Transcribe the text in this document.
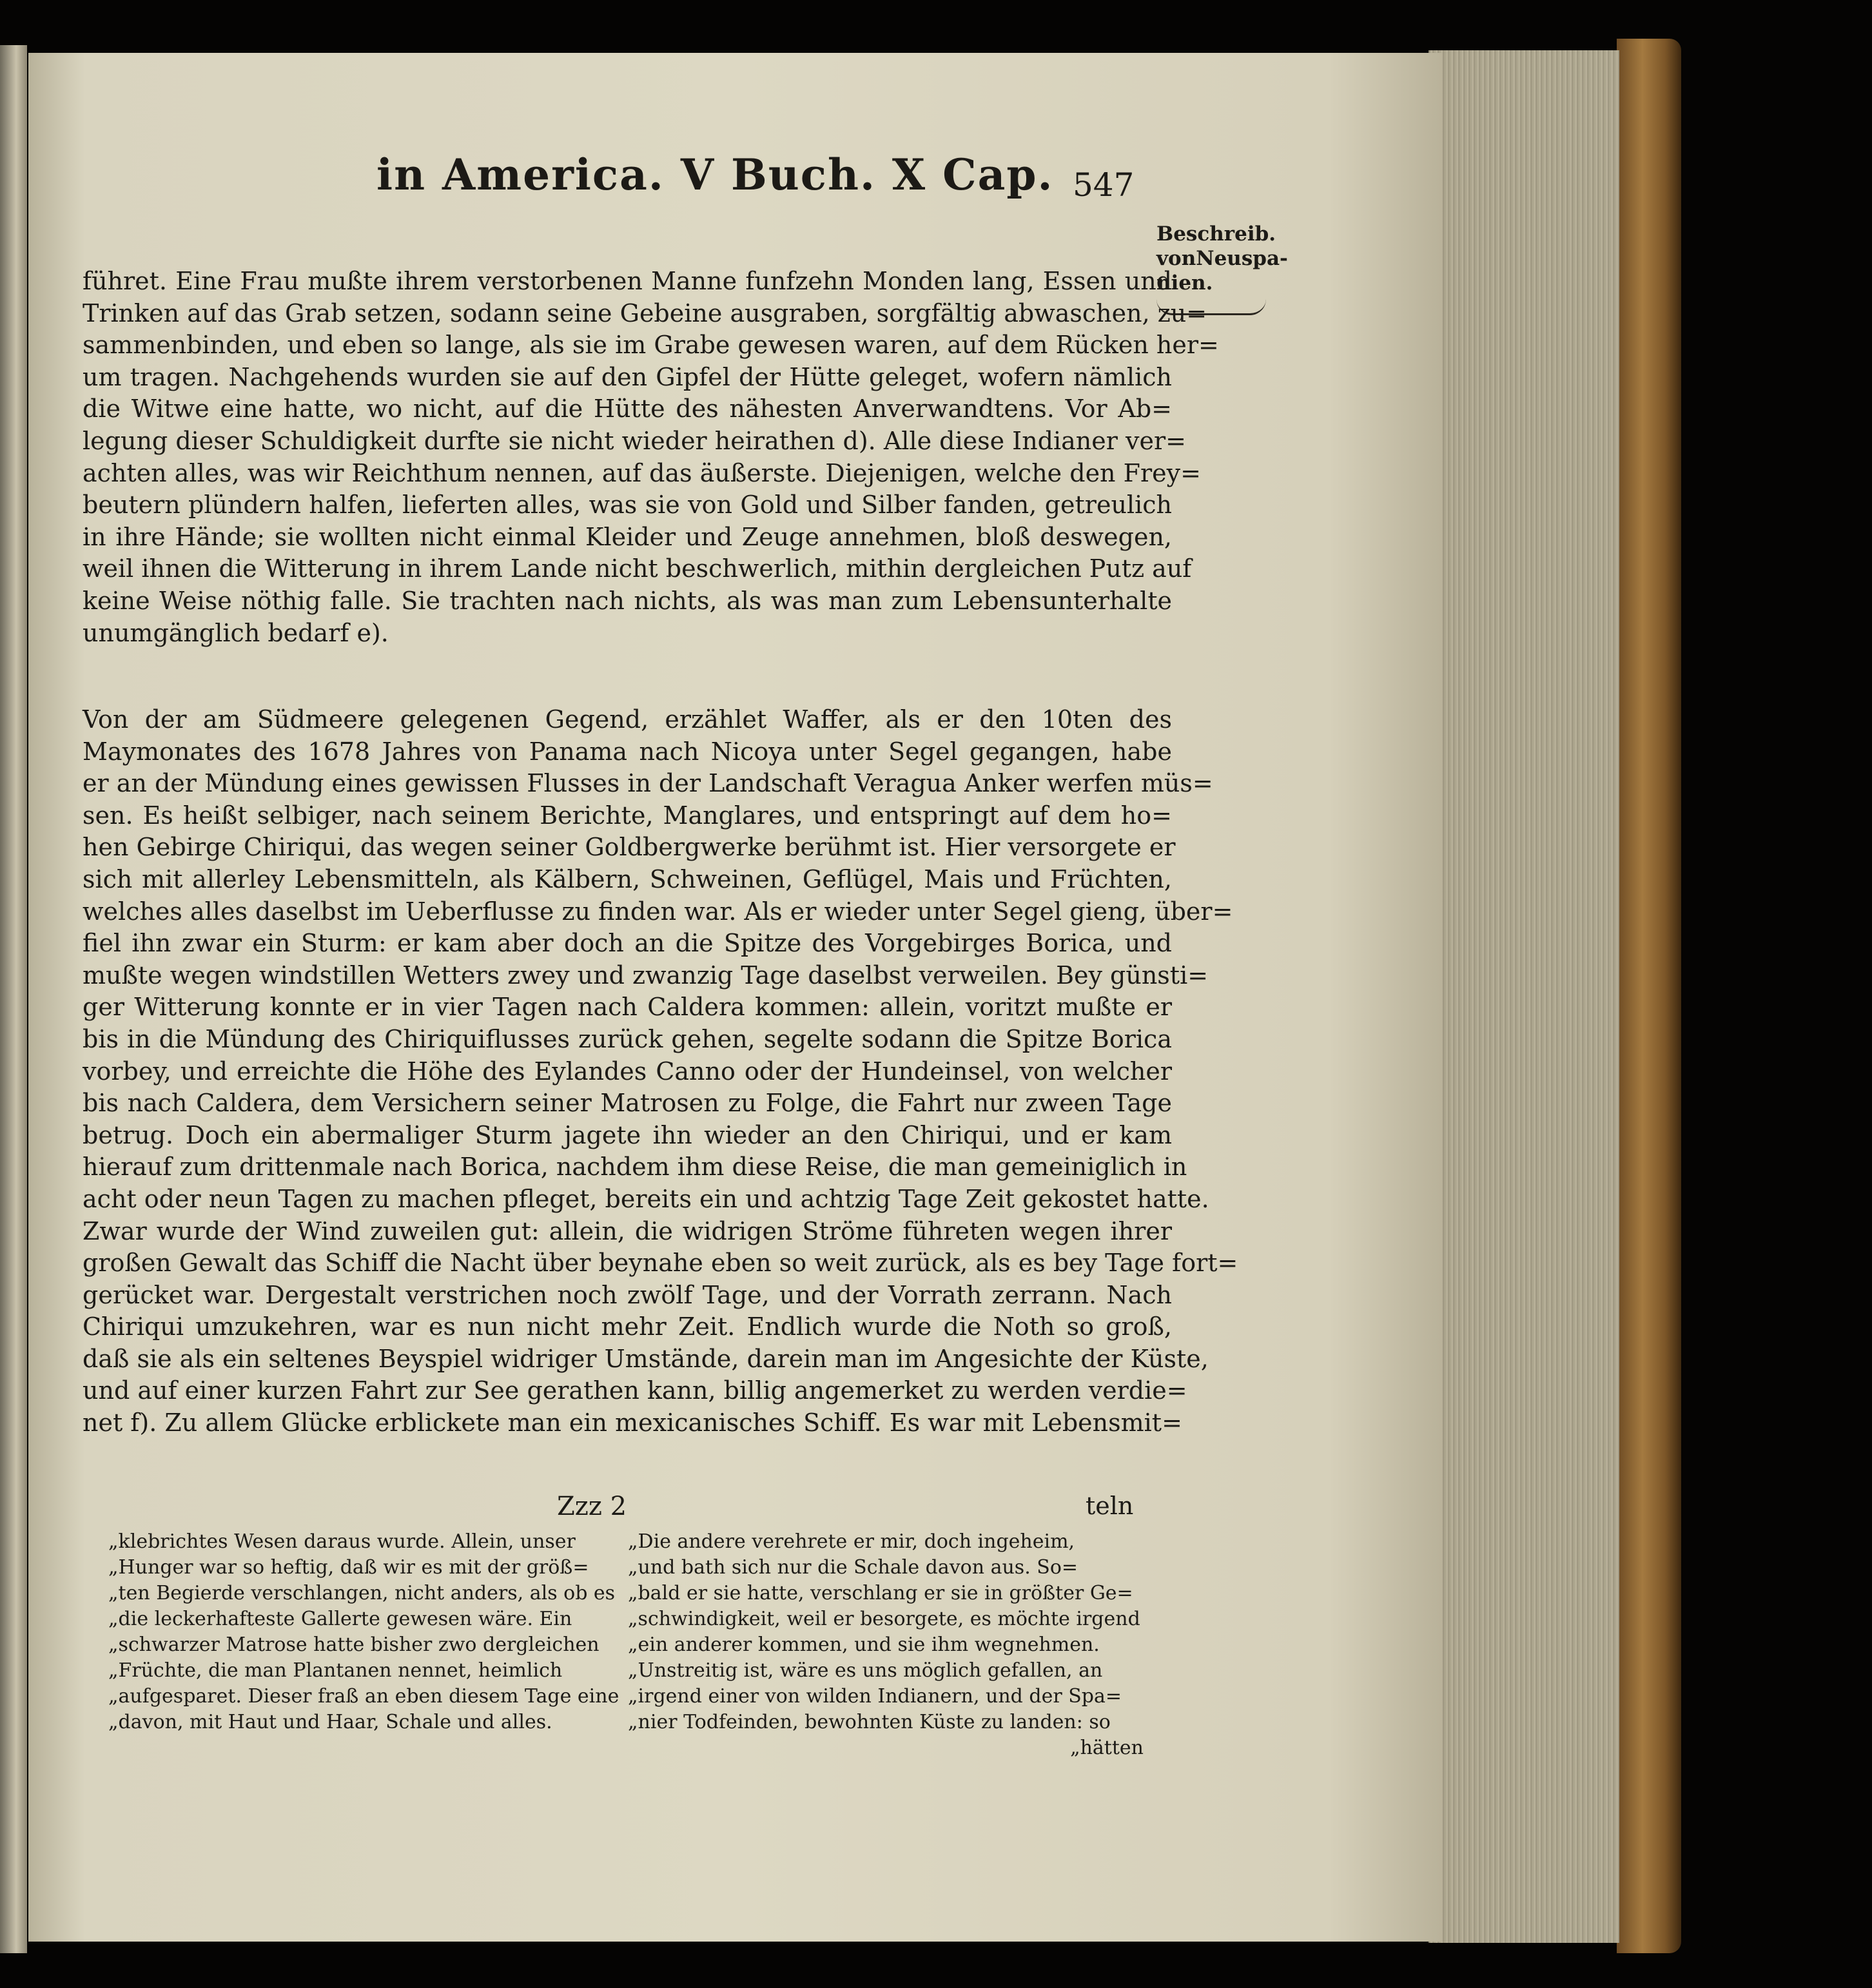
in America. V Buch. X Cap. 547
Beschreib.
vonNeuspa-
nien.
führet. Eine Frau mußte ihrem verstorbenen Manne funfzehn Monden lang, Essen und
Trinken auf das Grab setzen, sodann seine Gebeine ausgraben, sorgfältig abwaschen, zu=
sammenbinden, und eben so lange, als sie im Grabe gewesen waren, auf dem Rücken her=
um tragen. Nachgehends wurden sie auf den Gipfel der Hütte geleget, wofern nämlich
die Witwe eine hatte, wo nicht, auf die Hütte des nähesten Anverwandtens. Vor Ab=
legung dieser Schuldigkeit durfte sie nicht wieder heirathen d). Alle diese Indianer ver=
achten alles, was wir Reichthum nennen, auf das äußerste. Diejenigen, welche den Frey=
beutern plündern halfen, lieferten alles, was sie von Gold und Silber fanden, getreulich
in ihre Hände; sie wollten nicht einmal Kleider und Zeuge annehmen, bloß deswegen,
weil ihnen die Witterung in ihrem Lande nicht beschwerlich, mithin dergleichen Putz auf
keine Weise nöthig falle. Sie trachten nach nichts, als was man zum Lebensunterhalte
unumgänglich bedarf e).
Von der am Südmeere gelegenen Gegend, erzählet Waffer, als er den 10ten des
Maymonates des 1678 Jahres von Panama nach Nicoya unter Segel gegangen, habe
er an der Mündung eines gewissen Flusses in der Landschaft Veragua Anker werfen müs=
sen. Es heißt selbiger, nach seinem Berichte, Manglares, und entspringt auf dem ho=
hen Gebirge Chiriqui, das wegen seiner Goldbergwerke berühmt ist. Hier versorgete er
sich mit allerley Lebensmitteln, als Kälbern, Schweinen, Geflügel, Mais und Früchten,
welches alles daselbst im Ueberflusse zu finden war. Als er wieder unter Segel gieng, über=
fiel ihn zwar ein Sturm: er kam aber doch an die Spitze des Vorgebirges Borica, und
mußte wegen windstillen Wetters zwey und zwanzig Tage daselbst verweilen. Bey günsti=
ger Witterung konnte er in vier Tagen nach Caldera kommen: allein, voritzt mußte er
bis in die Mündung des Chiriquiflusses zurück gehen, segelte sodann die Spitze Borica
vorbey, und erreichte die Höhe des Eylandes Canno oder der Hundeinsel, von welcher
bis nach Caldera, dem Versichern seiner Matrosen zu Folge, die Fahrt nur zween Tage
betrug. Doch ein abermaliger Sturm jagete ihn wieder an den Chiriqui, und er kam
hierauf zum drittenmale nach Borica, nachdem ihm diese Reise, die man gemeiniglich in
acht oder neun Tagen zu machen pfleget, bereits ein und achtzig Tage Zeit gekostet hatte.
Zwar wurde der Wind zuweilen gut: allein, die widrigen Ströme führeten wegen ihrer
großen Gewalt das Schiff die Nacht über beynahe eben so weit zurück, als es bey Tage fort=
gerücket war. Dergestalt verstrichen noch zwölf Tage, und der Vorrath zerrann. Nach
Chiriqui umzukehren, war es nun nicht mehr Zeit. Endlich wurde die Noth so groß,
daß sie als ein seltenes Beyspiel widriger Umstände, darein man im Angesichte der Küste,
und auf einer kurzen Fahrt zur See gerathen kann, billig angemerket zu werden verdie=
net f). Zu allem Glücke erblickete man ein mexicanisches Schiff. Es war mit Lebensmit=
Zzz 2	teln
„klebrichtes Wesen daraus wurde. Allein, unser
„Hunger war so heftig, daß wir es mit der größ=
„ten Begierde verschlangen, nicht anders, als ob es
„die leckerhafteste Gallerte gewesen wäre. Ein
„schwarzer Matrose hatte bisher zwo dergleichen
„Früchte, die man Plantanen nennet, heimlich
„aufgesparet. Dieser fraß an eben diesem Tage eine
„davon, mit Haut und Haar, Schale und alles.
„Die andere verehrete er mir, doch ingeheim,
„und bath sich nur die Schale davon aus. So=
„bald er sie hatte, verschlang er sie in größter Ge=
„schwindigkeit, weil er besorgete, es möchte irgend
„ein anderer kommen, und sie ihm wegnehmen.
„Unstreitig ist, wäre es uns möglich gefallen, an
„irgend einer von wilden Indianern, und der Spa=
„nier Todfeinden, bewohnten Küste zu landen: so
„hätten
